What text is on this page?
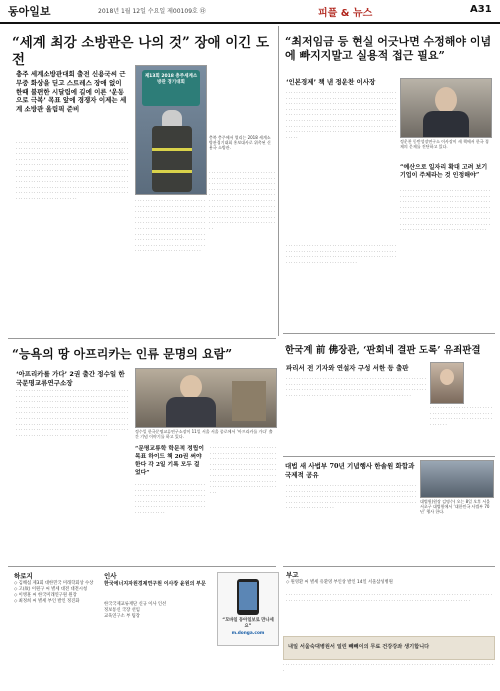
동아일보	2018년 1월 12일 수요일 제00109호 ㉰	피플 & 뉴스	A31
“세계 최강 소방관은 나의 것” 장애 이긴 도전
충주 세계소방관대회 출전 신용국씨 근무중 화상을 딛고 스트레스 장애 없이 한때 불편한 시달림에 길에 이른 ‘운동으로 극복’ 목표 앞에 경쟁자 이제는 세계 소방관 올림픽 준비
제13회 2018 충주세계소방관 경기대회
충북 충주에서 열리는 2018 세계소방관경기대회 홍보대사로 위촉된 신용국 소방관.
· · · · · · · · · · · · · · · · · · · · · · · · · · · · · · · · · · · · · · · · · · · · · · · · · · · · · · · · · · · · · · · · · · · · · · · · · · · · · · · · · · · · · · · · · · · · · · · · · · · · · · · · · · · · · · · · · · · · · · · · · · · · · · · · · · · · · · · · · · · · · · · · · · · · · · · · · · · · · · · · · · · · · · · · · · · · · · · · · · · · · · · · · · · · · · · · · · · · · · · · · · · · · · · · · · · · · · · · · · · · · · · · · · · · · · · · · · · · · · · · · · · · · · · · · · · · · · · · · · · · · · · · · · · · · · · · · · · · · · · · · · · · · · · · · · · · · · · · · · · · · · · · · · · · · · · · · · · · · · · · · · · · · · · · · · · · · · · · · · · · · · · · · · · · · · · · · · · · · · · · · · · · · · · · · · · · · · · · · · · · · · · · · · · · · · · · · · · · · · · · · · · · · · · · · · · · · · · · · · · · · · · · · · · · · · · · · · · · · · · · · · · · · · · · · · · · · · · · · · · · · · · ·	· · · · · · · · · · · · · · · · · · · · · · · · · · · · · · · · · · · · · · · · · · · · · · · · · · · · · · · · · · · · · · · · · · · · · · · · · · · · · · · · · · · · · · · · · · · · · · · · · · · · · · · · · · · · · · · · · · · · · · · · · · · · · · · · · · · · · · · · · · · · · · · · · · · · · · · · · · · · · · · · · · · · · · · · · · · · · · · · · · · · · · · · · · · · · · · · · · · · · · · · · · · · · · · · · · · · · · · · · · · · · · · · · · · · · · · · · · · · · · · · · · · · · · · · · · · · · · · · · · · · · · · · · · · · ·
· · · · · · · · · · · · · · · · · · · · · · · · · · · · · · · · · · · · · · · · · · · · · · · · · · · · · · · · · · · · · · · · · · · · · · · · · · · · · · · · · · · · · · · · · · · · · · · · · · · · · · · · · · · · · · · · · · · · · · · · · · · · · · · · · · · · · · · · · · · · · · · · · · · · · · · · · · · · · · · · · · · · · · · · · · · · · · · · · · · · · · · · · · · · · · · · · · · · · · · · · · · · · · · · · · · · · · · · · · · · · · · · · · · · · · · · · · · · · · · · · · · · · · · · · · · · · · · · · · · · · ·
“최저임금 등 현실 어긋나면 수정해야 이념에 빠지지말고 실용적 접근 필요”
‘인본경제’ 책 낸 정운찬 이사장
· · · · · · · · · · · · · · · · · · · · · · · · · · · · · · · · · · · · · · · · · · · · · · · · · · · · · · · · · · · · · · · · · · · · · · · · · · · · · · · · · · · · · · · · · · · · · · · · · · · · · · · · · · · · · · · · · · · · · · · · · · · · · · · · · · · · · · · · · · · · · · · · · · · · · · · · · · · · · · · · · · · · · · · · · · · · · · · · · · · · · · · · · · · · · · · · · · · · · · · · · · · · · · · · · · · · · · · · · · · · · · · · · · · · · · · · · · · · · · · · · · · · · · · · · · · · · · · · · · · · · · · · · · · · · · · · · · · · · · · · · · · · · · · · · · · · · · · · · · · · · · · · · · · · · · · · · · · · · · · · · · · · · · · · · · · · · · · · · · · · · · · · · · · · ·
정운찬 동반성장연구소 이사장이 새 책에서 한국 경제의 문제를 진단하고 있다.
“예산으로 일자리 확대 고려 보기 기업이 주체라는 것 인정해야”
· · · · · · · · · · · · · · · · · · · · · · · · · · · · · · · · · · · · · · · · · · · · · · · · · · · · · · · · · · · · · · · · · · · · · · · · · · · · · · · · · · · · · · · · · · · · · · · · · · · · · · · · · · · · · · · · · · · · · · · · · · · · · · · · · · · · · · · · · · · · · · · · · · · · · · · · · · · · · · · · · · · · · · · · · · · · · · · · · · · · · · · · · · · · · · · · · · · · · · · · · · · · · · · · · · · · · · · · · · · · · · · · · · · · · · · · · · · · · · · · · · · · · · · · · · · · · · · · · · · · · · · · · · · · · · · · · · · · · · ·
· · · · · · · · · · · · · · · · · · · · · · · · · · · · · · · · · · · · · · · · · · · · · · · · · · · · · · · · · · · · · · · · · · · · · · · · · · · · · · · · · · · · · · · · · · · · · · · · · · · · · · · · · · · · · · · · · · · · · · · · · · · · · · · · · · · · · · · · · · · · · · · · · · · · · · · · · · · · ·
한국계 前 佛장관, ‘판회네 결판 도록’ 유죄판결
파리서 전 기자와 연설자 구성 서한 등 출판
· · · · · · · · · · · · · · · · · · · · · · · · · · · · · · · · · · · · · · · · · · · · · · · · · · · · · · · · · · · · · · · · · · · · · · · · · · · · · · · · · · · · · · · · · · · · · · · · · · · · · · · · · · · · · · · · · · · · · · · · · · · · · · · · · · · · · · · · · · · · · · · · · · · · · · · · · · · · · · · · · · · · · · · · · · · · · · · · · · · · · · · · · · · · · · · · · · · · · · · · · · · · · · · · · · ·
· · · · · · · · · · · · · · · · · · · · · · · · · · · · · · · · · · · · · · · · · · · · · · · · · · · · · · · · · · · · · · · · · · · · · · · · · · · · · · ·
대법 새 사법부 70년 기념행사 한솔원 화합과 국제적 공유
· · · · · · · · · · · · · · · · · · · · · · · · · · · · · · · · · · · · · · · · · · · · · · · · · · · · · · · · · · · · · · · · · · · · · · · · · · · · · · · · · · · · · · · · · · · · · · · · · · · · · · · · · · · · · · · · · · · · · · · · · · · · · · · · · · · · · · · · · · · · · · · · · · · · · · · · · · · · · · · · · · · · · · · · · · · · · · · · · · · · · · · · · · · · · · · · · · · · · · · · · · · · · · · · · · · · · · · · · · · · · · ·
대법원(원장 김명수) 오는 8일 오후 서울 서초구 대법원에서 ‘대한민국 사법부 70년’ 행사 한다.
부고
◇ 원영환 씨 별세 유환영 부인상 발인 14일 서울삼성병원
· · · · · · · · · · · · · · · · · · · · · · · · · · · · · · · · · · · · · · · · · · · · · · · · · · · · · · · · · · · · · · · · · · · · · · · · · · · · · · · · · · · · · · · · · · · · · · · · · · · · · · · · · · · · · · · · · · · · · · · · · · · · · · · · · · · · · · · · · · · · · · · · · · · · · · · ·
“능욕의 땅 아프리카는 인류 문명의 요람”
‘아프리카를 가다’ 2권 출간 정수일 한국문명교류연구소장
정수일 한국문명교류연구소장이 11일 서울 서울 종로에서 ‘아프리카를 가다’ 출간 기념 이야기를 하고 있다.
· · · · · · · · · · · · · · · · · · · · · · · · · · · · · · · · · · · · · · · · · · · · · · · · · · · · · · · · · · · · · · · · · · · · · · · · · · · · · · · · · · · · · · · · · · · · · · · · · · · · · · · · · · · · · · · · · · · · · · · · · · · · · · · · · · · · · · · · · · · · · · · · · · · · · · · · · · · · · · · · · · · · · · · · · · · · · · · · · · · · · · · · · · · · · · · · · · · · · · · · · · · · · · · · · · · · · · · · · · · · · · · · · · · · · · · · · · · · · · · · · · · · · · · · · · · · · · · · · · · · · · · · · · · · · · · · · · · · · · · · · · · · · · · · · · · · · · · · · · · · · · · · · · · · · · · · · · · · · · · · · · · · · · · · · · · · · · · · · · · · · · · · · · · · · · · · · · · · · · · · · · · · · · · · · · · · · · · · · · · · · · · · · · · ·
“문명교류학 학문적 정립이 목표 하이드 책 20권 써야 한다 각 2일 기록 모두 걸었다”
· · · · · · · · · · · · · · · · · · · · · · · · · · · · · · · · · · · · · · · · · · · · · · · · · · · · · · · · · · · · · · · · · · · · · · · · · · · · · · · · · · · · · · · · · · · · · · · · · · · · · · · · · · · · · · · · · · · · · · · · · · · · · · · · · · · · · · · · · · · · · · · · · · ·
· · · · · · · · · · · · · · · · · · · · · · · · · · · · · · · · · · · · · · · · · · · · · · · · · · · · · · · · · · · · · · · · · · · · · · · · · · · · · · · · · · · · · · · · · · · · · · · · · · · · · · · · · · · · · · · · · · · · · · · · · · · · · · · · · · · · · · · · · · · · · · · · · · · · · · · · · · · · · · · · · · · · · · · · · · · · · · · · · · · · · · · · · · · · · · · · · · · · · · · · · · · · · · · · · · ·
하로지
◇ 김해섭 제3회 대한민국 미래학회상 수상
◇ 고(故) 이원구 씨 별세 대전 대전시청
◇ 이병훈 씨 한국미래연구원 원장
◇ 최정희 씨 별세 부인 발인 정진화
인사
한국에너지자원경제연구원 이사장 윤원의 부문
한국국제교류재단 신규 이사 인선
정보통신 국장 선임
교육연구소 부 팀장
“모바일 동아일보로 만나세요”
m.donga.com
내일 서울숙대병원서 얼린 빼빼이의 무료 건강강좌 생기합니다
· · · · · · · · · · · · · · · · · · · · · · · · · · · · · · · · · · · · · · · · · · · · · · · · · · · · · · · · · · · · · · · · · · · · · · · · · · · · · · · · · · ·
